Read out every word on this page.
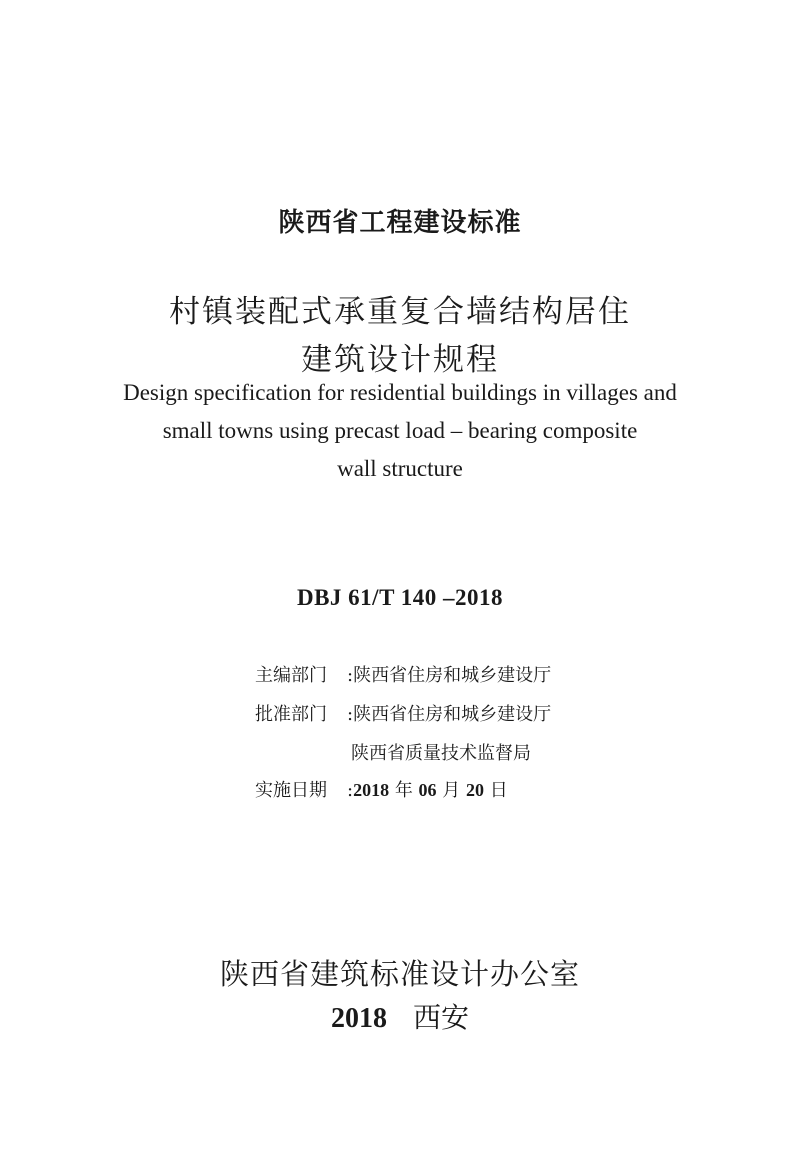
陕西省工程建设标准
村镇装配式承重复合墙结构居住
建筑设计规程
Design specification for residential buildings in villages and
small towns using precast load – bearing composite
wall structure
DBJ 61/T 140 –2018
主编部门 :陕西省住房和城乡建设厅
批准部门 :陕西省住房和城乡建设厅
陕西省质量技术监督局
实施日期 :2018 年 06 月 20 日
陕西省建筑标准设计办公室
2018 西安
